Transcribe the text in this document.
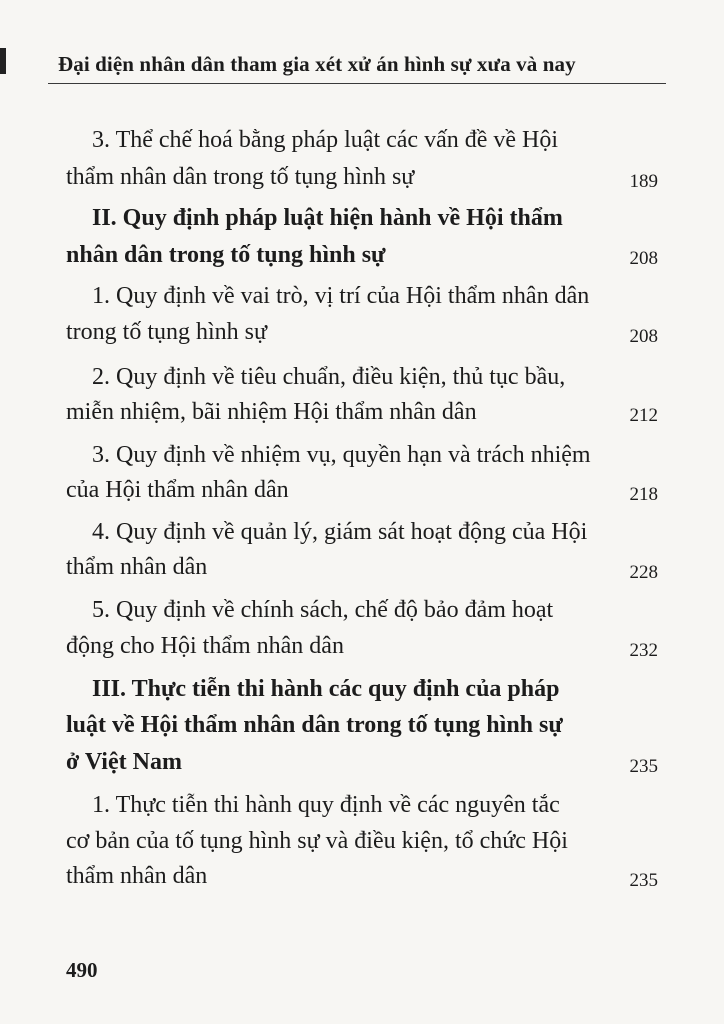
Đại diện nhân dân tham gia xét xử án hình sự xưa và nay
3. Thể chế hoá bằng pháp luật các vấn đề về Hội
thẩm nhân dân trong tố tụng hình sự	189
II. Quy định pháp luật hiện hành về Hội thẩm
nhân dân trong tố tụng hình sự	208
1. Quy định về vai trò, vị trí của Hội thẩm nhân dân
trong tố tụng hình sự	208
2. Quy định về tiêu chuẩn, điều kiện, thủ tục bầu,
miễn nhiệm, bãi nhiệm Hội thẩm nhân dân	212
3. Quy định về nhiệm vụ, quyền hạn và trách nhiệm
của Hội thẩm nhân dân	218
4. Quy định về quản lý, giám sát hoạt động của Hội
thẩm nhân dân	228
5. Quy định về chính sách, chế độ bảo đảm hoạt
động cho Hội thẩm nhân dân	232
III. Thực tiễn thi hành các quy định của pháp
luật về Hội thẩm nhân dân trong tố tụng hình sự
ở Việt Nam	235
1. Thực tiễn thi hành quy định về các nguyên tắc
cơ bản của tố tụng hình sự và điều kiện, tổ chức Hội
thẩm nhân dân	235
490
